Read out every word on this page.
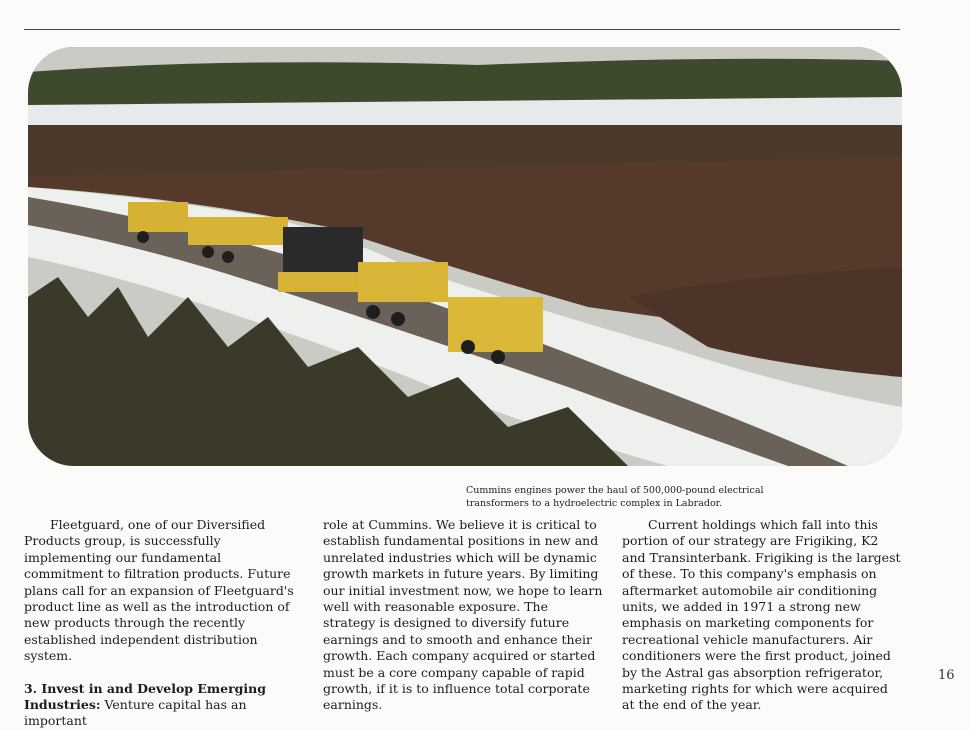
Cummins engines power the haul of 500,000-pound electrical transformers to a hydroelectric complex in Labrador.

Fleetguard, one of our Diversified Products group, is successfully implementing our fundamental commitment to filtration products. Future plans call for an expansion of Fleetguard's product line as well as the introduction of new products through the recently established independent distribution system.

3. Invest in and Develop Emerging Industries: Venture capital has an important

role at Cummins. We believe it is critical to establish fundamental positions in new and unrelated industries which will be dynamic growth markets in future years. By limiting our initial investment now, we hope to learn well with reasonable exposure. The strategy is designed to diversify future earnings and to smooth and enhance their growth. Each company acquired or started must be a core company capable of rapid growth, if it is to influence total corporate earnings.

Current holdings which fall into this portion of our strategy are Frigiking, K2 and Transinterbank. Frigiking is the largest of these. To this company's emphasis on aftermarket automobile air conditioning units, we added in 1971 a strong new emphasis on marketing components for recreational vehicle manufacturers. Air conditioners were the first product, joined by the Astral gas absorption refrigerator, marketing rights for which were acquired at the end of the year.

16
